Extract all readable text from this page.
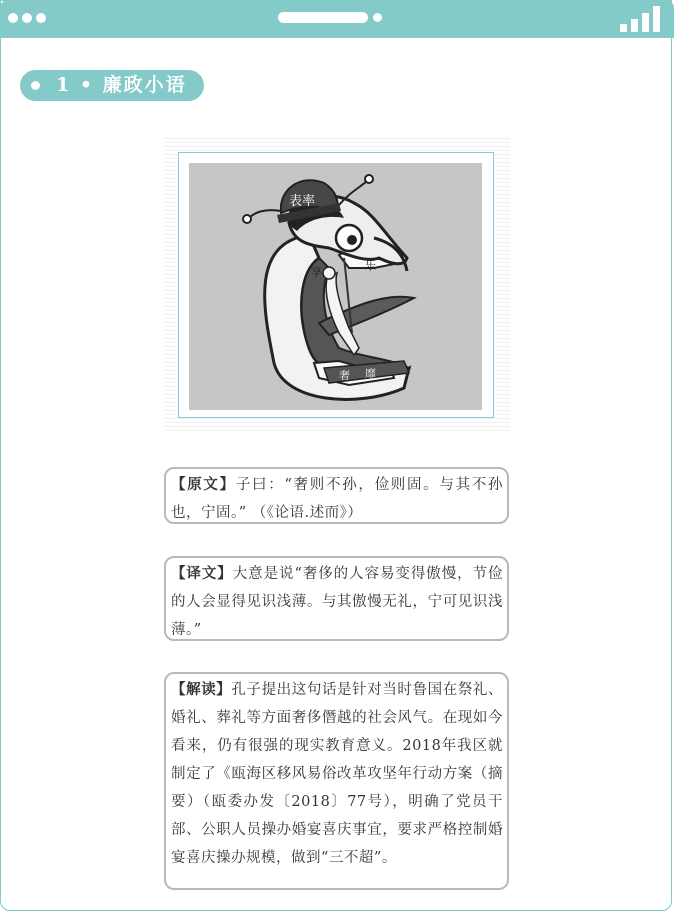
1 • 廉政小语
表率
享	乐
奢 靡
【原文】子曰：“奢则不孙，俭则固。与其不孙也，宁固。” （《论语.述而》）
【译文】大意是说“奢侈的人容易变得傲慢，节俭的人会显得见识浅薄。与其傲慢无礼，宁可见识浅薄。”
【解读】孔子提出这句话是针对当时鲁国在祭礼、婚礼、葬礼等方面奢侈僭越的社会风气。在现如今看来，仍有很强的现实教育意义。2018年我区就制定了《瓯海区移风易俗改革攻坚年行动方案（摘要）（瓯委办发〔2018〕77号），明确了党员干部、公职人员操办婚宴喜庆事宜，要求严格控制婚宴喜庆操办规模，做到“三不超”。
